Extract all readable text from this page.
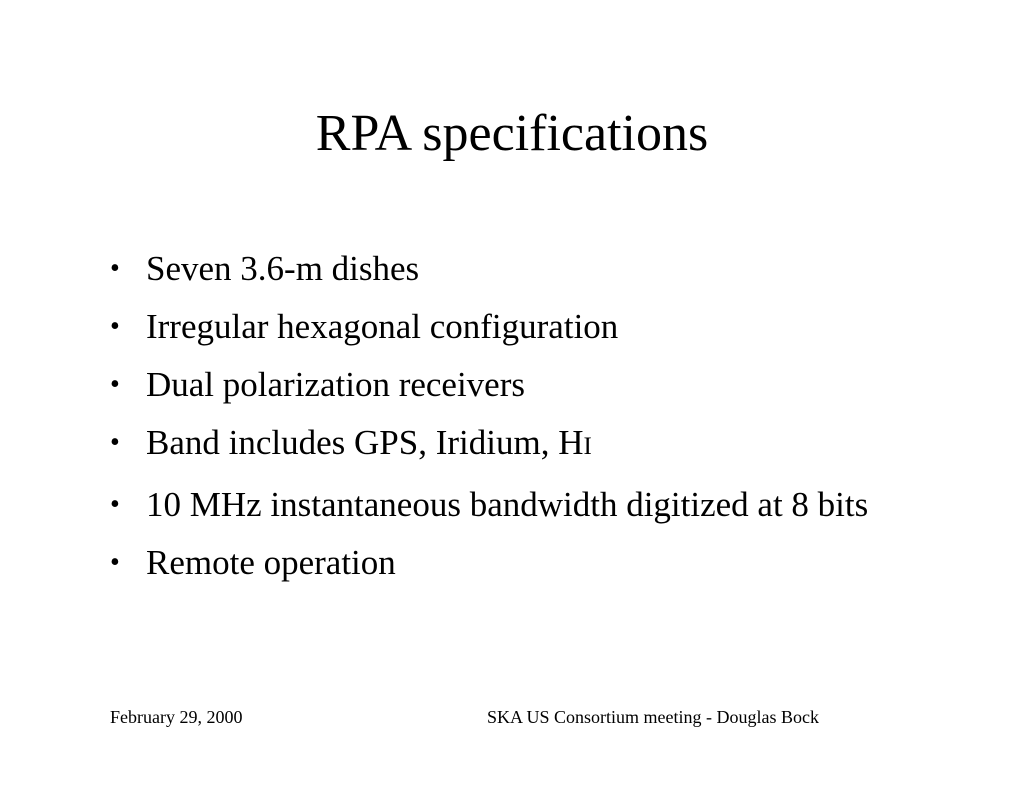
RPA specifications
• Seven 3.6-m dishes
• Irregular hexagonal configuration
• Dual polarization receivers
• Band includes GPS, Iridium, HI
• 10 MHz instantaneous bandwidth digitized at 8 bits
• Remote operation
February 29, 2000	SKA US Consortium meeting - Douglas Bock
